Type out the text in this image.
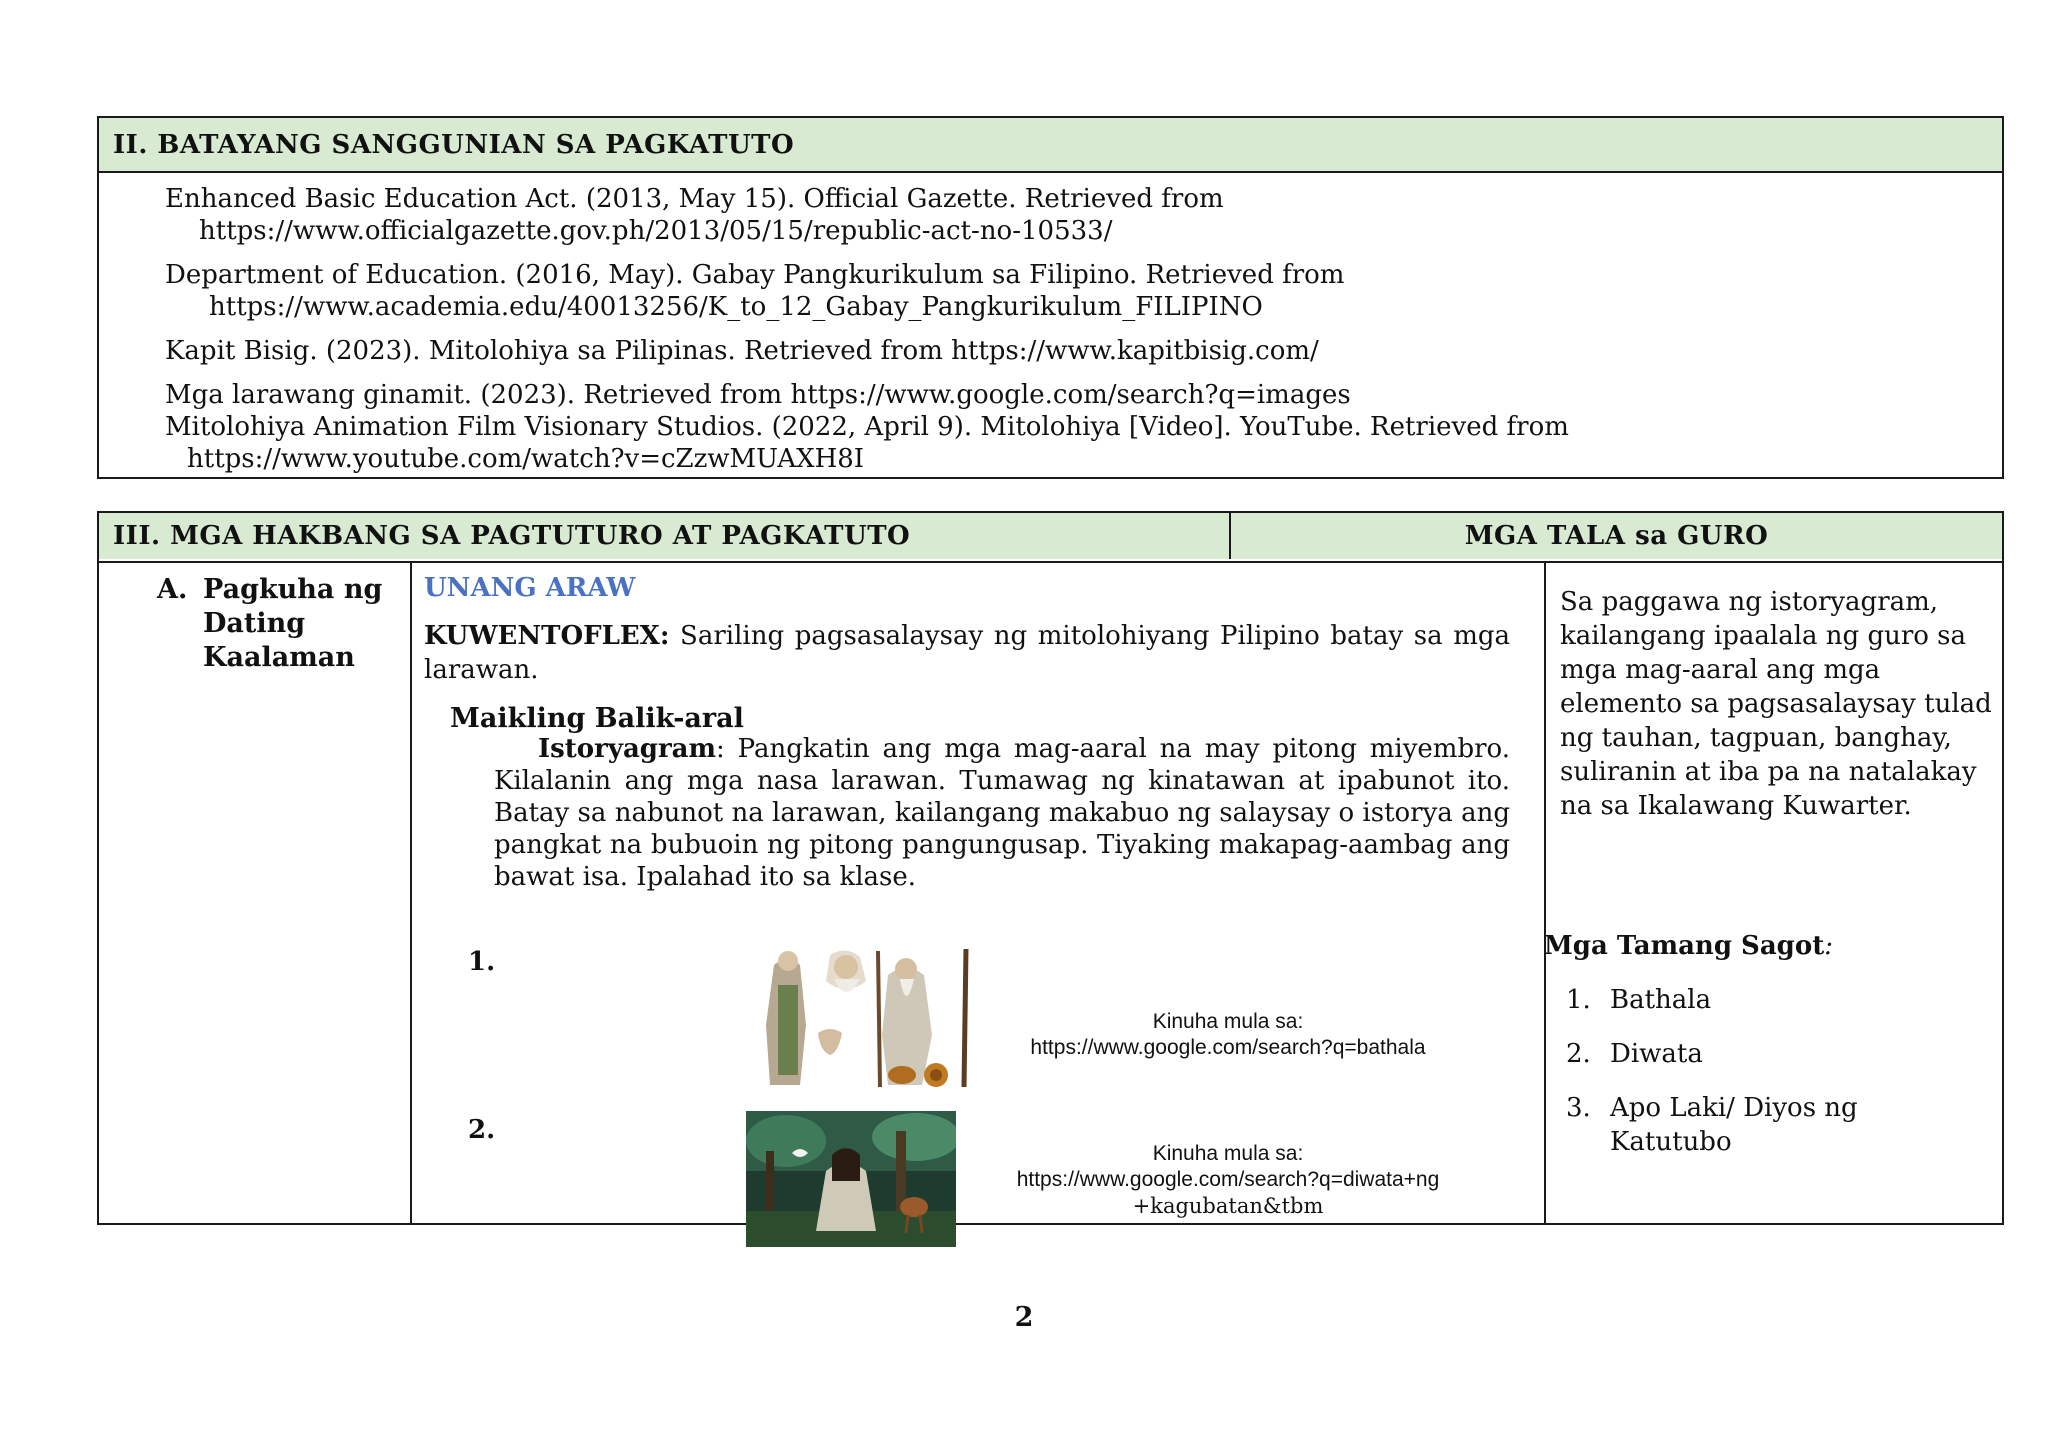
II. BATAYANG SANGGUNIAN SA PAGKATUTO
Enhanced Basic Education Act. (2013, May 15). Official Gazette. Retrieved from
https://www.officialgazette.gov.ph/2013/05/15/republic-act-no-10533/
Department of Education. (2016, May). Gabay Pangkurikulum sa Filipino. Retrieved from
https://www.academia.edu/40013256/K_to_12_Gabay_Pangkurikulum_FILIPINO
Kapit Bisig. (2023). Mitolohiya sa Pilipinas. Retrieved from https://www.kapitbisig.com/
Mga larawang ginamit. (2023). Retrieved from https://www.google.com/search?q=images
Mitolohiya Animation Film Visionary Studios. (2022, April 9). Mitolohiya [Video]. YouTube. Retrieved from
https://www.youtube.com/watch?v=cZzwMUAXH8I
III. MGA HAKBANG SA PAGTUTURO AT PAGKATUTO	MGA TALA sa GURO
A. Pagkuha ng
Dating
Kaalaman
UNANG ARAW
KUWENTOFLEX: Sariling pagsasalaysay ng mitolohiyang Pilipino batay sa mga larawan.
Maikling Balik-aral
Istoryagram: Pangkatin ang mga mag-aaral na may pitong miyembro. Kilalanin ang mga nasa larawan. Tumawag ng kinatawan at ipabunot ito. Batay sa nabunot na larawan, kailangang makabuo ng salaysay o istorya ang pangkat na bubuoin ng pitong pangungusap. Tiyaking makapag-aambag ang bawat isa. Ipalahad ito sa klase.
1.
Kinuha mula sa:
https://www.google.com/search?q=bathala
2.
Kinuha mula sa:
https://www.google.com/search?q=diwata+ng
+kagubatan&tbm
Sa paggawa ng istoryagram, kailangang ipaalala ng guro sa mga mag-aaral ang mga elemento sa pagsasalaysay tulad ng tauhan, tagpuan, banghay, suliranin at iba pa na natalakay na sa Ikalawang Kuwarter.
Mga Tamang Sagot:
1. Bathala
2. Diwata
3. Apo Laki/ Diyos ng Katutubo
2
